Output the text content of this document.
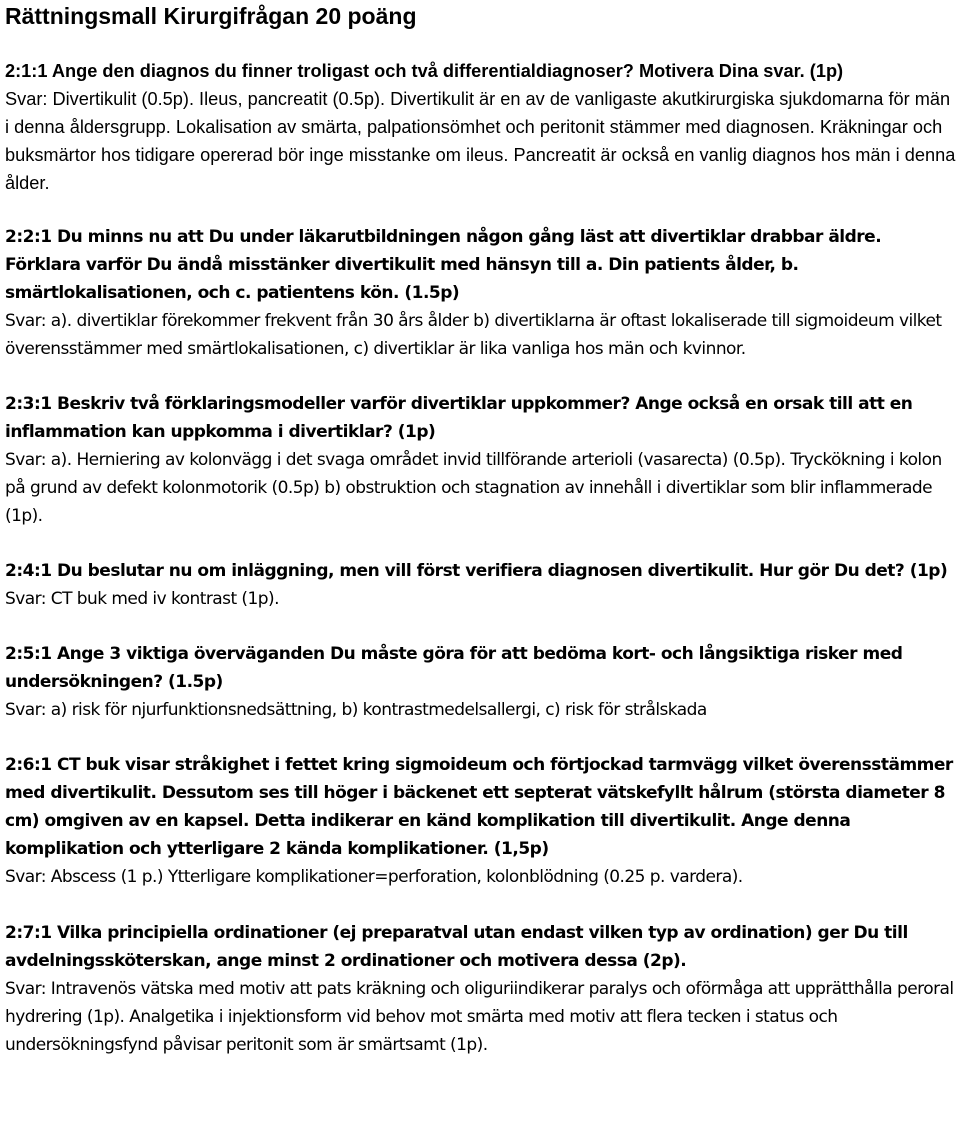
Rättningsmall Kirurgifrågan 20 poäng
2:1:1 Ange den diagnos du finner troligast och två differentialdiagnoser? Motivera Dina svar. (1p)
Svar: Divertikulit (0.5p). Ileus, pancreatit (0.5p). Divertikulit är en av de vanligaste akutkirurgiska sjukdomarna för män i denna åldersgrupp. Lokalisation av smärta, palpationsömhet och peritonit stämmer med diagnosen. Kräkningar och buksmärtor hos tidigare opererad bör inge misstanke om ileus. Pancreatit är också en vanlig diagnos hos män i denna ålder.
2:2:1 Du minns nu att Du under läkarutbildningen någon gång läst att divertiklar drabbar äldre. Förklara varför Du ändå misstänker divertikulit med hänsyn till a. Din patients ålder, b. smärtlokalisationen, och c. patientens kön. (1.5p)
Svar: a). divertiklar förekommer frekvent från 30 års ålder b) divertiklarna är oftast lokaliserade till sigmoideum vilket överensstämmer med smärtlokalisationen, c) divertiklar är lika vanliga hos män och kvinnor.
2:3:1 Beskriv två förklaringsmodeller varför divertiklar uppkommer? Ange också en orsak till att en inflammation kan uppkomma i divertiklar? (1p)
Svar: a). Herniering av kolonvägg i det svaga området invid tillförande arterioli (vasarecta) (0.5p). Tryckökning i kolon på grund av defekt kolonmotorik (0.5p) b) obstruktion och stagnation av innehåll i divertiklar som blir inflammerade (1p).
2:4:1 Du beslutar nu om inläggning, men vill först verifiera diagnosen divertikulit. Hur gör Du det? (1p)
Svar: CT buk med iv kontrast (1p).
2:5:1 Ange 3 viktiga överväganden Du måste göra för att bedöma kort- och långsiktiga risker med undersökningen? (1.5p)
Svar: a) risk för njurfunktionsnedsättning, b) kontrastmedelsallergi, c) risk för strålskada
2:6:1 CT buk visar stråkighet i fettet kring sigmoideum och förtjockad tarmvägg vilket överensstämmer med divertikulit. Dessutom ses till höger i bäckenet ett septerat vätskefyllt hålrum (största diameter 8 cm) omgiven av en kapsel. Detta indikerar en känd komplikation till divertikulit. Ange denna komplikation och ytterligare 2 kända komplikationer. (1,5p)
Svar: Abscess (1 p.) Ytterligare komplikationer=perforation, kolonblödning (0.25 p. vardera).
2:7:1 Vilka principiella ordinationer (ej preparatval utan endast vilken typ av ordination) ger Du till avdelningssköterskan, ange minst 2 ordinationer och motivera dessa (2p).
Svar: Intravenös vätska med motiv att pats kräkning och oliguriindikerar paralys och oförmåga att upprätthålla peroral hydrering (1p). Analgetika i injektionsform vid behov mot smärta med motiv att flera tecken i status och undersökningsfynd påvisar peritonit som är smärtsamt (1p).
